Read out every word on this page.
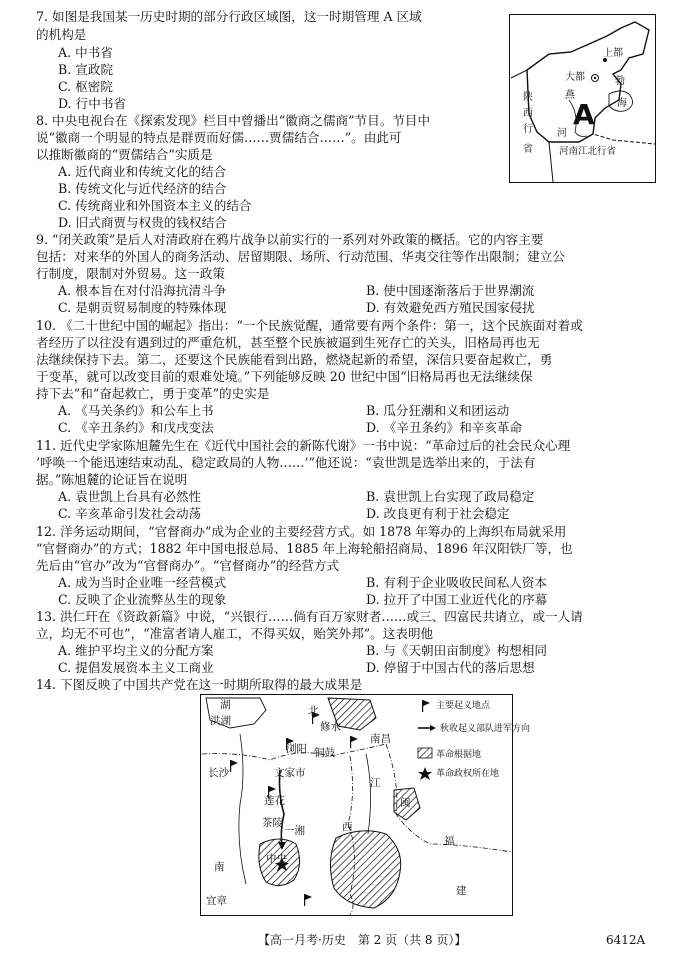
7. 如图是我国某一历史时期的部分行政区域图，这一时期管理 A 区域
的机构是
A. 中书省
B. 宣政院
C. 枢密院
D. 行中书省	A
上都
大都
燕
勃
海
陕
西
行
省
河
河南江北行省
8. 中央电视台在《探索发现》栏目中曾播出“徽商之儒商”节目。节目中
说“徽商一个明显的特点是群贾而好儒……贾儒结合……”。由此可
以推断徽商的“贾儒结合”实质是
A. 近代商业和传统文化的结合
B. 传统文化与近代经济的结合
C. 传统商业和外国资本主义的结合
D. 旧式商贾与权贵的钱权结合
9. “闭关政策”是后人对清政府在鸦片战争以前实行的一系列对外政策的概括。它的内容主要
包括：对来华的外国人的商务活动、居留期限、场所、行动范围、华夷交往等作出限制；建立公
行制度，限制对外贸易。这一政策
A. 根本旨在对付沿海抗清斗争	B. 使中国逐渐落后于世界潮流
C. 是朝贡贸易制度的特殊体现	D. 有效避免西方殖民国家侵扰
10. 《二十世纪中国的崛起》指出：“一个民族觉醒，通常要有两个条件：第一，这个民族面对着或
者经历了以往没有遇到过的严重危机，甚至整个民族被逼到生死存亡的关头，旧格局再也无
法继续保持下去。第二，还要这个民族能看到出路，燃烧起新的希望，深信只要奋起救亡，勇
于变革，就可以改变目前的艰难处境。”下列能够反映 20 世纪中国“旧格局再也无法继续保
持下去”和“奋起救亡，勇于变革”的史实是
A. 《马关条约》和公车上书	B. 瓜分狂潮和义和团运动
C. 《辛丑条约》和戊戌变法	D. 《辛丑条约》和辛亥革命
11. 近代史学家陈旭麓先生在《近代中国社会的新陈代谢》一书中说：“革命过后的社会民众心理
‘呼唤一个能迅速结束动乱、稳定政局的人物……’”他还说：“袁世凯是选举出来的，于法有
据。”陈旭麓的论证旨在说明
A. 袁世凯上台具有必然性	B. 袁世凯上台实现了政局稳定
C. 辛亥革命引发社会动荡	D. 改良更有利于社会稳定
12. 洋务运动期间，“官督商办”成为企业的主要经营方式。如 1878 年筹办的上海织布局就采用
“官督商办”的方式；1882 年中国电报总局、1885 年上海轮船招商局、1896 年汉阳铁厂等，也
先后由“官办”改为“官督商办”。“官督商办”的经营方式
A. 成为当时企业唯一经营模式	B. 有利于企业吸收民间私人资本
C. 反映了企业流弊丛生的现象	D. 拉开了中国工业近代化的序幕
13. 洪仁玕在《资政新篇》中说，“兴银行……倘有百万家财者……或三、四富民共请立，或一人请
立，均无不可也”，“准富者请人雇工，不得买奴，贻笑外邦”。这表明他
A. 维护平均主义的分配方案	B. 与《天朝田亩制度》构想相同
C. 提倡发展资本主义工商业	D. 停留于中国古代的落后思想
14. 下图反映了中国共产党在这一时期所取得的最大成果是
湖	北
洪湖	修水
南昌
浏阳 铜鼓
长沙	文家市
江
莲花
茶陵
一湘	西
中央
南
宜章
闽
福
建
主要起义地点
秋收起义部队进军方向
革命根据地
革命政权所在地
【高一月考·历史　第 2 页（共 8 页）】	6412A
